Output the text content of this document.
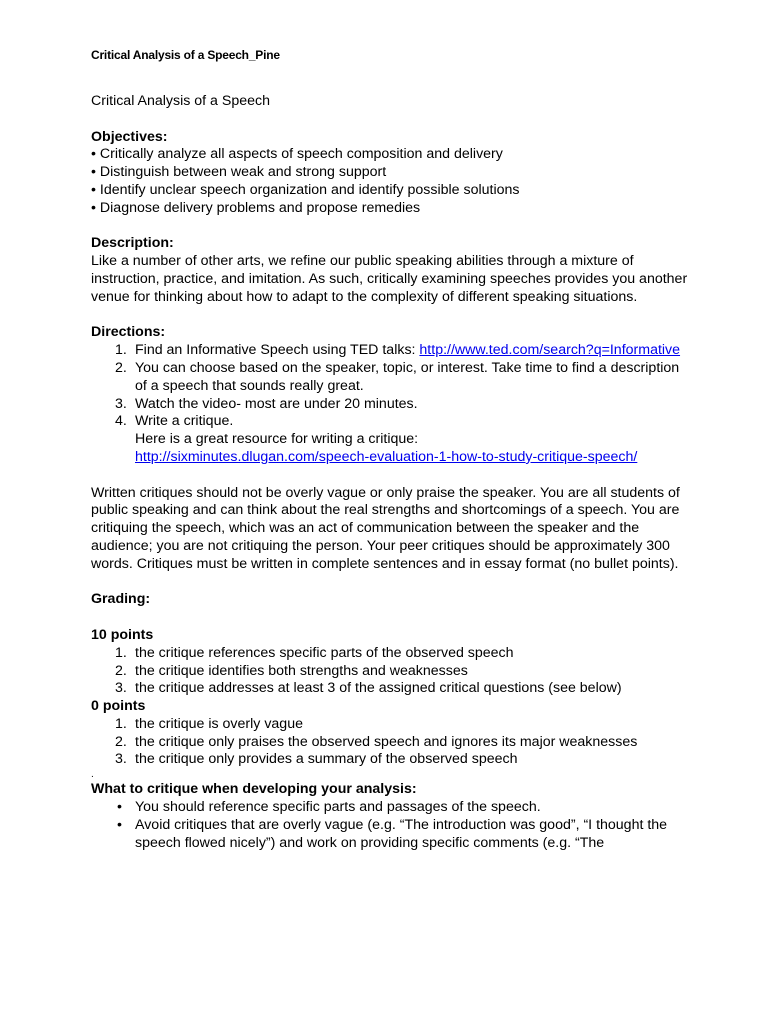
Critical Analysis of a Speech_Pine

Critical Analysis of a Speech

Objectives:

• Critically analyze all aspects of speech composition and delivery

• Distinguish between weak and strong support

• Identify unclear speech organization and identify possible solutions

• Diagnose delivery problems and propose remedies

Description:

Like a number of other arts, we refine our public speaking abilities through a mixture of instruction, practice, and imitation. As such, critically examining speeches provides you another venue for thinking about how to adapt to the complexity of different speaking situations.

Directions:

1. Find an Informative Speech using TED talks: http://www.ted.com/search?q=Informative
2. You can choose based on the speaker, topic, or interest. Take time to find a description of a speech that sounds really great.
3. Watch the video- most are under 20 minutes.
4. Write a critique.
Here is a great resource for writing a critique:
http://sixminutes.dlugan.com/speech-evaluation-1-how-to-study-critique-speech/

Written critiques should not be overly vague or only praise the speaker. You are all students of public speaking and can think about the real strengths and shortcomings of a speech. You are critiquing the speech, which was an act of communication between the speaker and the audience; you are not critiquing the person. Your peer critiques should be approximately 300 words. Critiques must be written in complete sentences and in essay format (no bullet points).

Grading:

10 points

1. the critique references specific parts of the observed speech
2. the critique identifies both strengths and weaknesses
3. the critique addresses at least 3 of the assigned critical questions (see below)

0 points

1. the critique is overly vague
2. the critique only praises the observed speech and ignores its major weaknesses
3. the critique only provides a summary of the observed speech

.

What to critique when developing your analysis:

• You should reference specific parts and passages of the speech.
• Avoid critiques that are overly vague (e.g. “The introduction was good”, “I thought the speech flowed nicely”) and work on providing specific comments (e.g. “The
